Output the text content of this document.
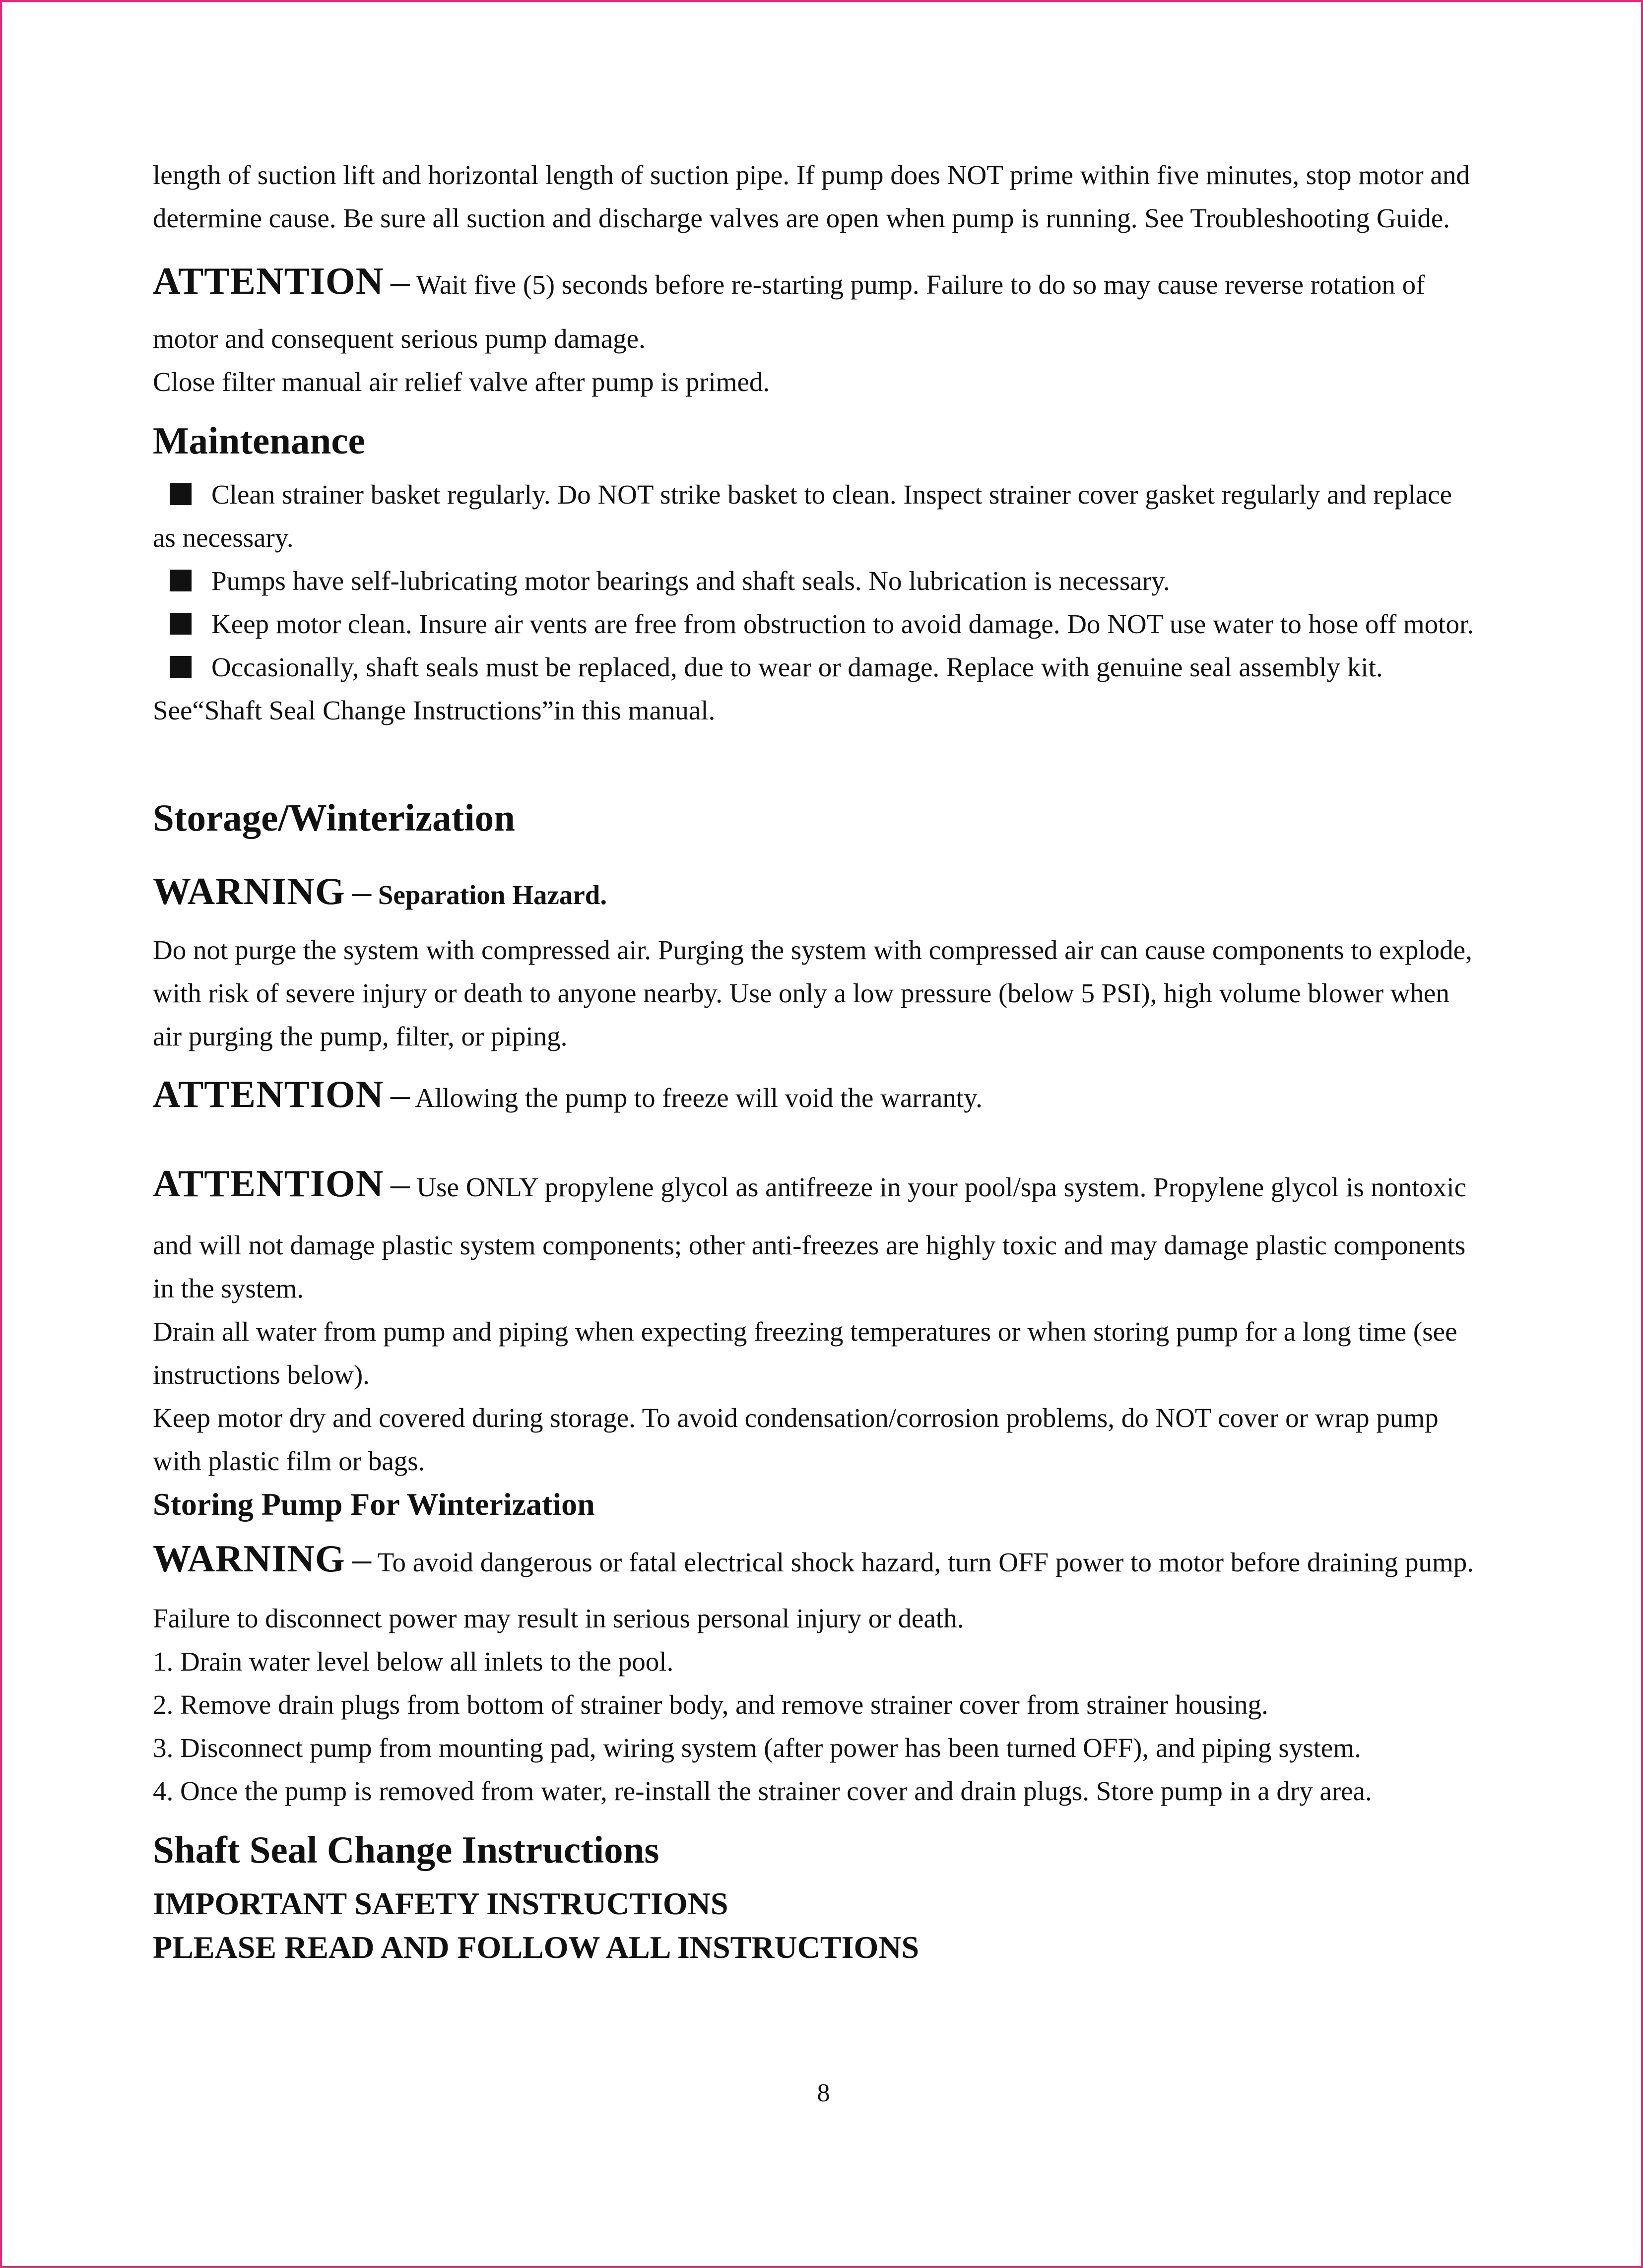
length of suction lift and horizontal length of suction pipe. If pump does NOT prime within five minutes, stop motor and

determine cause. Be sure all suction and discharge valves are open when pump is running. See Troubleshooting Guide.

ATTENTION – Wait five (5) seconds before re-starting pump. Failure to do so may cause reverse rotation of

motor and consequent serious pump damage.

Close filter manual air relief valve after pump is primed.

Maintenance

Clean strainer basket regularly. Do NOT strike basket to clean. Inspect strainer cover gasket regularly and replace

as necessary.

Pumps have self-lubricating motor bearings and shaft seals. No lubrication is necessary.

Keep motor clean. Insure air vents are free from obstruction to avoid damage. Do NOT use water to hose off motor.

Occasionally, shaft seals must be replaced, due to wear or damage. Replace with genuine seal assembly kit.

See“Shaft Seal Change Instructions”in this manual.

Storage/Winterization

WARNING – Separation Hazard.

Do not purge the system with compressed air. Purging the system with compressed air can cause components to explode,

with risk of severe injury or death to anyone nearby. Use only a low pressure (below 5 PSI), high volume blower when

air purging the pump, filter, or piping.

ATTENTION – Allowing the pump to freeze will void the warranty.

ATTENTION – Use ONLY propylene glycol as antifreeze in your pool/spa system. Propylene glycol is nontoxic

and will not damage plastic system components; other anti-freezes are highly toxic and may damage plastic components

in the system.

Drain all water from pump and piping when expecting freezing temperatures or when storing pump for a long time (see

instructions below).

Keep motor dry and covered during storage. To avoid condensation/corrosion problems, do NOT cover or wrap pump

with plastic film or bags.

Storing Pump For Winterization

WARNING – To avoid dangerous or fatal electrical shock hazard, turn OFF power to motor before draining pump.

Failure to disconnect power may result in serious personal injury or death.

1. Drain water level below all inlets to the pool.

2. Remove drain plugs from bottom of strainer body, and remove strainer cover from strainer housing.

3. Disconnect pump from mounting pad, wiring system (after power has been turned OFF), and piping system.

4. Once the pump is removed from water, re-install the strainer cover and drain plugs. Store pump in a dry area.

Shaft Seal Change Instructions

IMPORTANT SAFETY INSTRUCTIONS

PLEASE READ AND FOLLOW ALL INSTRUCTIONS

8
